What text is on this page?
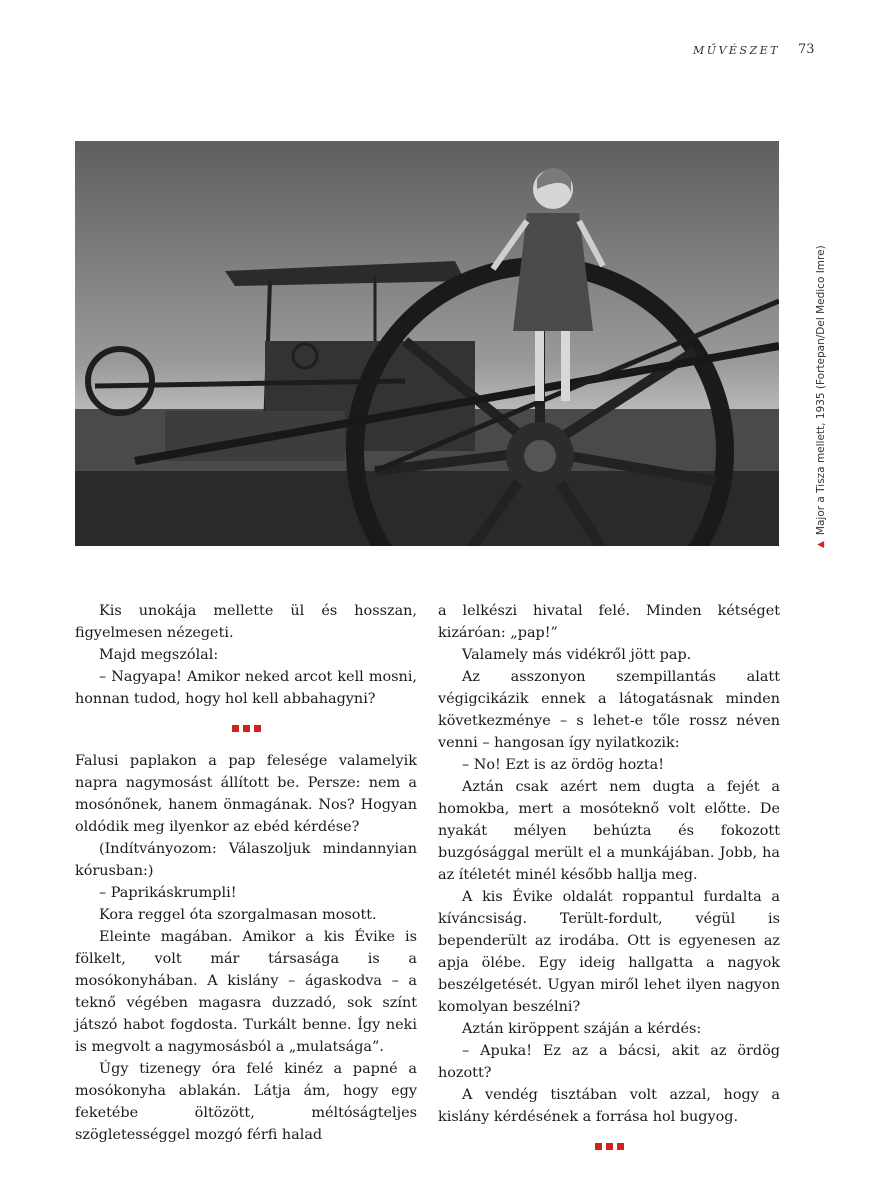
MŰVÉSZET 73
▲
Major a Tisza mellett, 1935 (Fortepan/Del Medico Imre)

Kis unokája mellette ül és hosszan, figyelmesen nézegeti.

Majd megszólal:

– Nagyapa! Amikor neked arcot kell mosni, honnan tudod, hogy hol kell abbahagyni?

Falusi paplakon a pap felesége valamelyik napra nagymosást állított be. Persze: nem a mosónőnek, hanem önmagának. Nos? Hogyan oldódik meg ilyenkor az ebéd kérdése?

(Indítványozom: Válaszoljuk mindannyian kórusban:)

– Paprikáskrumpli!

Kora reggel óta szorgalmasan mosott.

Eleinte magában. Amikor a kis Évike is fölkelt, volt már társasága is a mosókonyhában. A kislány – ágaskodva – a teknő végében magasra duzzadó, sok színt játszó habot fogdosta. Turkált benne. Így neki is megvolt a nagymosásból a „mulatsága”.

Úgy tizenegy óra felé kinéz a papné a mosókonyha ablakán. Látja ám, hogy egy feketébe öltözött, méltóságteljes szögletességgel mozgó férfi halad

a lelkészi hivatal felé. Minden kétséget kizáróan: „pap!”

Valamely más vidékről jött pap.

Az asszonyon szempillantás alatt végigcikázik ennek a látogatásnak minden következménye – s lehet-e tőle rossz néven venni – hangosan így nyilatkozik:

– No! Ezt is az ördög hozta!

Aztán csak azért nem dugta a fejét a homokba, mert a mosóteknő volt előtte. De nyakát mélyen behúzta és fokozott buzgósággal merült el a munkájában. Jobb, ha az ítéletét minél később hallja meg.

A kis Évike oldalát roppantul furdalta a kíváncsiság. Terült-fordult, végül is bependerült az irodába. Ott is egyenesen az apja ölébe. Egy ideig hallgatta a nagyok beszélgetését. Ugyan miről lehet ilyen nagyon komolyan beszélni?

Aztán kiröppent száján a kérdés:

– Apuka! Ez az a bácsi, akit az ördög hozott?

A vendég tisztában volt azzal, hogy a kislány kérdésének a forrása hol bugyog.
